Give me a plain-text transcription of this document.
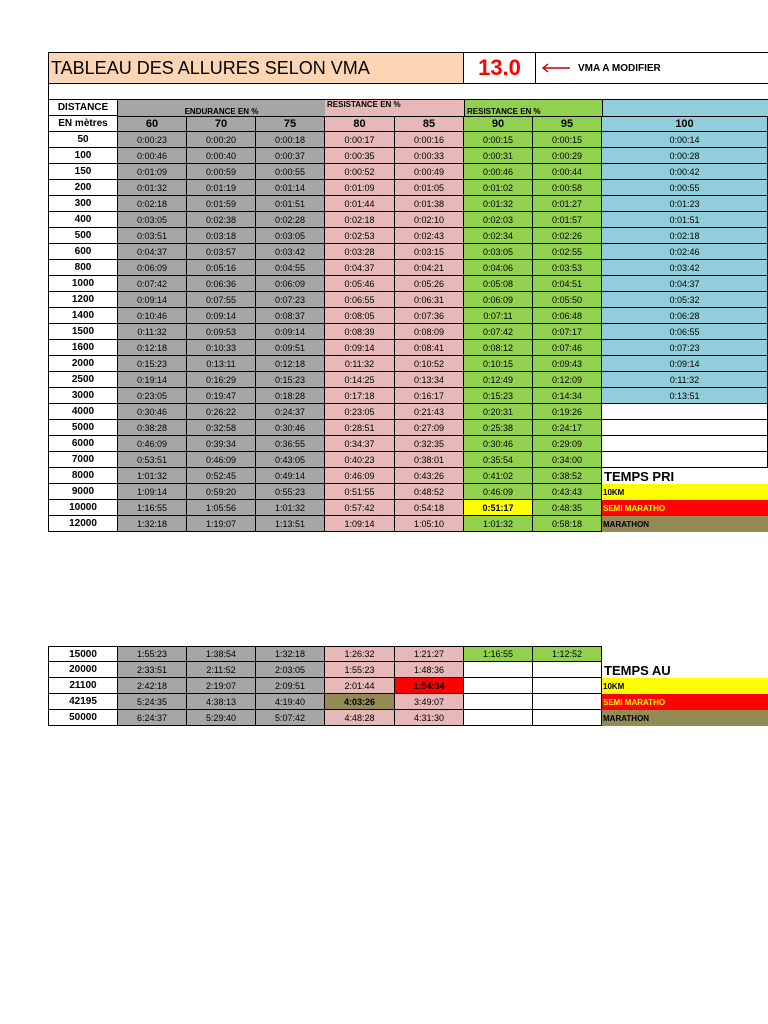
TABLEAU DES ALLURES SELON VMA	13.0	VMA A MODIFIER
DISTANCE
EN mètres
ENDURANCE EN %
RESISTANCE EN %
RESISTANCE EN %
60	70	75	80	85	90	95	100
50	0:00:23	0:00:20	0:00:18	0:00:17	0:00:16	0:00:15	0:00:15	0:00:14
100	0:00:46	0:00:40	0:00:37	0:00:35	0:00:33	0:00:31	0:00:29	0:00:28
150	0:01:09	0:00:59	0:00:55	0:00:52	0:00:49	0:00:46	0:00:44	0:00:42
200	0:01:32	0:01:19	0:01:14	0:01:09	0:01:05	0:01:02	0:00:58	0:00:55
300	0:02:18	0:01:59	0:01:51	0:01:44	0:01:38	0:01:32	0:01:27	0:01:23
400	0:03:05	0:02:38	0:02:28	0:02:18	0:02:10	0:02:03	0:01:57	0:01:51
500	0:03:51	0:03:18	0:03:05	0:02:53	0:02:43	0:02:34	0:02:26	0:02:18
600	0:04:37	0:03:57	0:03:42	0:03:28	0:03:15	0:03:05	0:02:55	0:02:46
800	0:06:09	0:05:16	0:04:55	0:04:37	0:04:21	0:04:06	0:03:53	0:03:42
1000	0:07:42	0:06:36	0:06:09	0:05:46	0:05:26	0:05:08	0:04:51	0:04:37
1200	0:09:14	0:07:55	0:07:23	0:06:55	0:06:31	0:06:09	0:05:50	0:05:32
1400	0:10:46	0:09:14	0:08:37	0:08:05	0:07:36	0:07:11	0:06:48	0:06:28
1500	0:11:32	0:09:53	0:09:14	0:08:39	0:08:09	0:07:42	0:07:17	0:06:55
1600	0:12:18	0:10:33	0:09:51	0:09:14	0:08:41	0:08:12	0:07:46	0:07:23
2000	0:15:23	0:13:11	0:12:18	0:11:32	0:10:52	0:10:15	0:09:43	0:09:14
2500	0:19:14	0:16:29	0:15:23	0:14:25	0:13:34	0:12:49	0:12:09	0:11:32
3000	0:23:05	0:19:47	0:18:28	0:17:18	0:16:17	0:15:23	0:14:34	0:13:51
4000	0:30:46	0:26:22	0:24:37	0:23:05	0:21:43	0:20:31	0:19:26
5000	0:38:28	0:32:58	0:30:46	0:28:51	0:27:09	0:25:38	0:24:17
6000	0:46:09	0:39:34	0:36:55	0:34:37	0:32:35	0:30:46	0:29:09
7000	0:53:51	0:46:09	0:43:05	0:40:23	0:38:01	0:35:54	0:34:00
8000	1:01:32	0:52:45	0:49:14	0:46:09	0:43:26	0:41:02	0:38:52
9000	1:09:14	0:59:20	0:55:23	0:51:55	0:48:52	0:46:09	0:43:43
10000	1:16:55	1:05:56	1:01:32	0:57:42	0:54:18	0:51:17	0:48:35
12000	1:32:18	1:19:07	1:13:51	1:09:14	1:05:10	1:01:32	0:58:18
TEMPS PRI
10KM
SEMI MARATHO
MARATHON
15000	1:55:23	1:38:54	1:32:18	1:26:32	1:21:27	1:16:55	1:12:52
20000	2:33:51	2:11:52	2:03:05	1:55:23	1:48:36
21100	2:42:18	2:19:07	2:09:51	2:01:44	1:54:34
42195	5:24:35	4:38:13	4:19:40	4:03:26	3:49:07
50000	6:24:37	5:29:40	5:07:42	4:48:28	4:31:30
TEMPS AU
10KM
SEMI MARATHO
MARATHON
